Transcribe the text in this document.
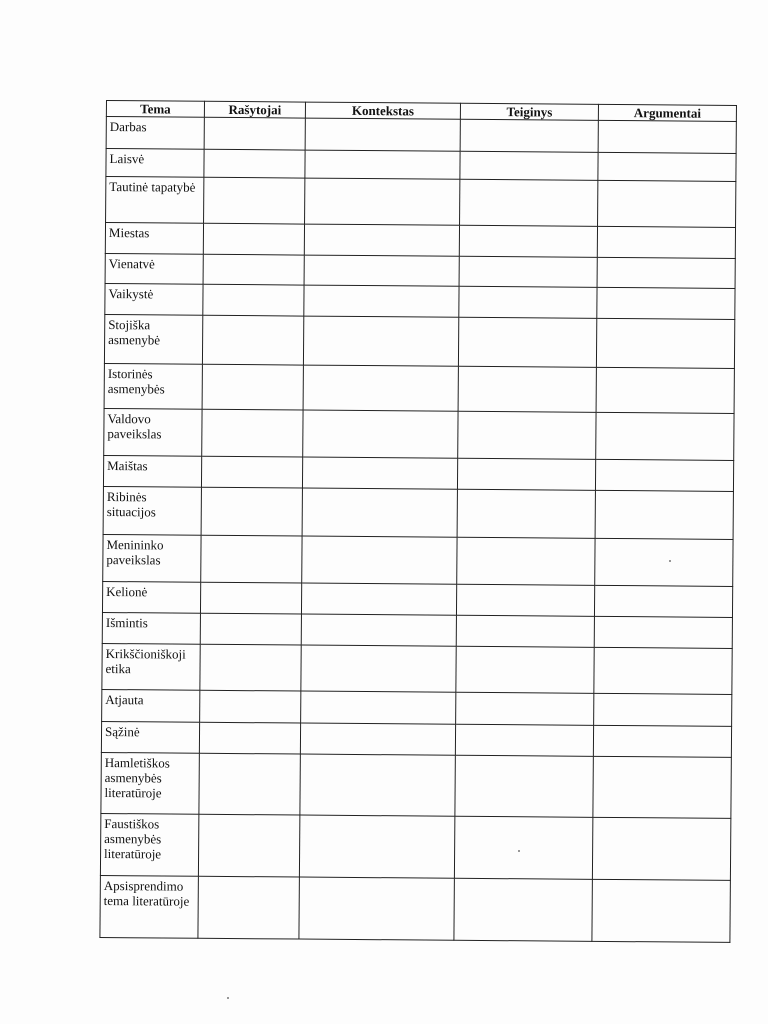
Tema	Rašytojai	Kontekstas	Teiginys	Argumentai
Darbas				
Laisvė				
Tautinė tapatybė				
Miestas				
Vienatvė				
Vaikystė				
Stojiška asmenybė				
Istorinės asmenybės				
Valdovo paveikslas				
Maištas				
Ribinės situacijos				
Menininko paveikslas				
Kelionė				
Išmintis				
Krikščioniškoji etika				
Atjauta				
Sąžinė				
Hamletiškos asmenybės literatūroje				
Faustiškos asmenybės literatūroje				
Apsisprendimo tema literatūroje				
